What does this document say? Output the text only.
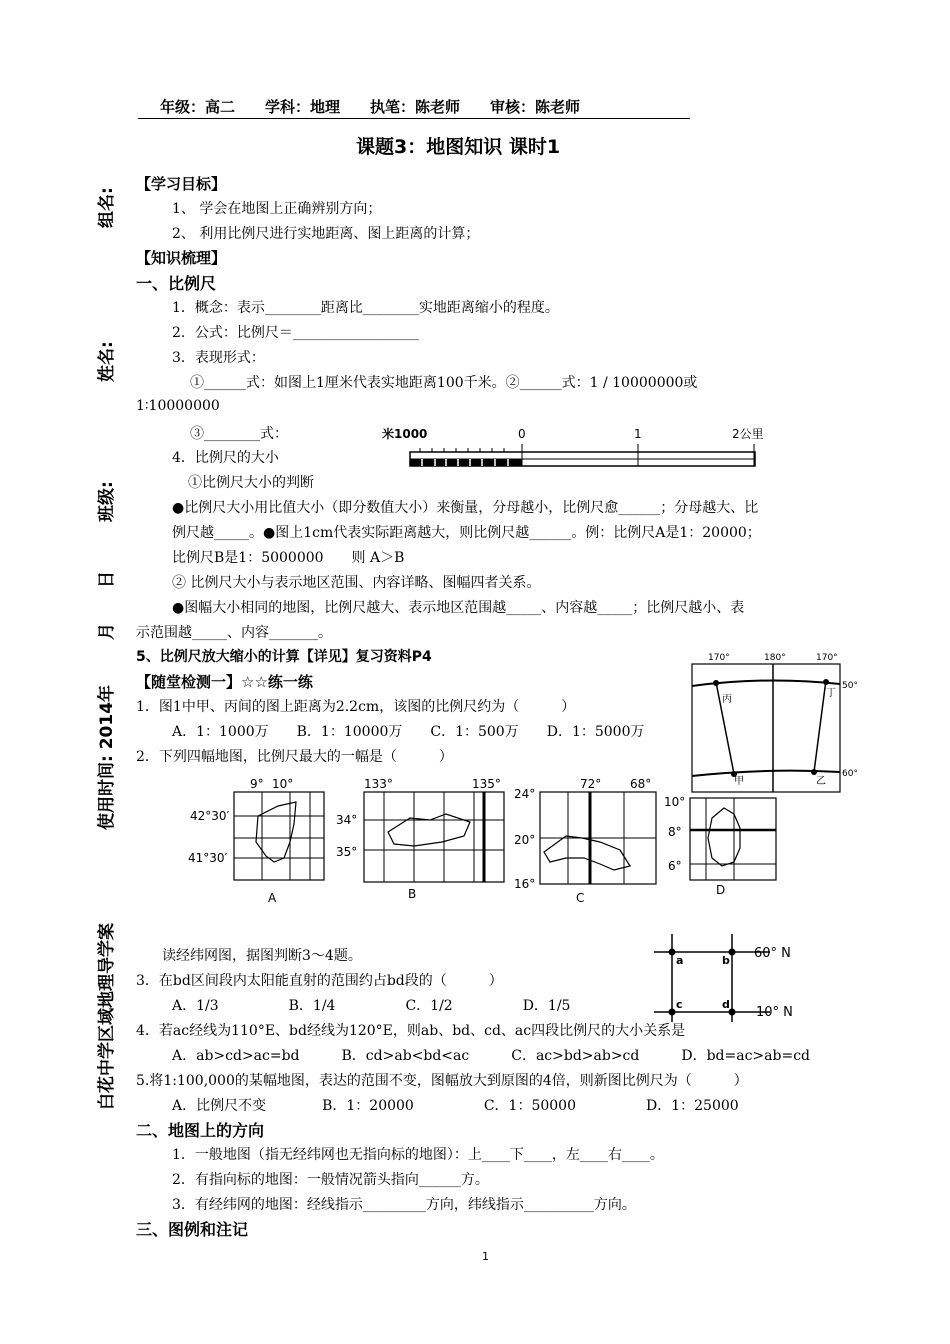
组名:
姓名:
班级:
日
月
使用时间: 2014年
白花中学区域地理导学案
年级：高二　　学科：地理　　执笔：陈老师　　审核：陈老师
课题3：地图知识 课时1
【学习目标】
1、 学会在地图上正确辨别方向；
2、 利用比例尺进行实地距离、图上距离的计算；
【知识梳理】
一、比例尺
1．概念：表示________距离比________实地距离缩小的程度。
2．公式：比例尺＝__________________
3．表现形式：
①______式：如图上1厘米代表实地距离100千米。②______式：1 / 10000000或
1∶10000000
③________式：
4．比例尺的大小
①比例尺大小的判断
●比例尺大小用比值大小（即分数值大小）来衡量，分母越小，比例尺愈______；分母越大、比
例尺越_____。●图上1cm代表实际距离越大，则比例尺越______。例：比例尺A是1：20000；
比例尺B是1：5000000　　则 A＞B
② 比例尺大小与表示地区范围、内容详略、图幅四者关系。
●图幅大小相同的地图，比例尺越大、表示地区范围越_____、内容越_____；比例尺越小、表
示范围越_____、内容_______。
5、比例尺放大缩小的计算【详见】复习资料P4
米1000	0	1	2公里
【随堂检测一】☆☆练一练
1．图1中甲、丙间的图上距离为2.2cm，该图的比例尺约为（　　　）
A．1：1000万　　B．1：10000万　　C．1：500万　　D．1：5000万
2．下列四幅地图，比例尺最大的一幅是（　　　）
170°	180°	170°
丙
丁
甲	乙
50°
60°
9° 10°
42°30′
41°30′
A
133°	135°
34°
35°
B
72° 68°
24°
20°
16°
C
10°
8°
6°
D
a	b
c	d
60° N
10° N
读经纬网图，据图判断3～4题。
3．在bd区间段内太阳能直射的范围约占bd段的（　　　）
A．1/3　　　　　B．1/4　　　　　C．1/2　　　　　D．1/5
4．若ac经线为110°E、bd经线为120°E，则ab、bd、cd、ac四段比例尺的大小关系是
A．ab>cd>ac=bd　　　B．cd>ab<bd<ac　　　C．ac>bd>ab>cd　　　D．bd=ac>ab=cd
5.将1:100,000的某幅地图，表达的范围不变，图幅放大到原图的4倍，则新图比例尺为（　　　）
A．比例尺不变　　　　B．1：20000　　　　　C．1：50000　　　　　D．1：25000
二、地图上的方向
1．一般地图（指无经纬网也无指向标的地图）：上____下____，左____右____。
2．有指向标的地图：一般情况箭头指向______方。
3．有经纬网的地图：经线指示_________方向，纬线指示__________方向。
三、图例和注记
1
